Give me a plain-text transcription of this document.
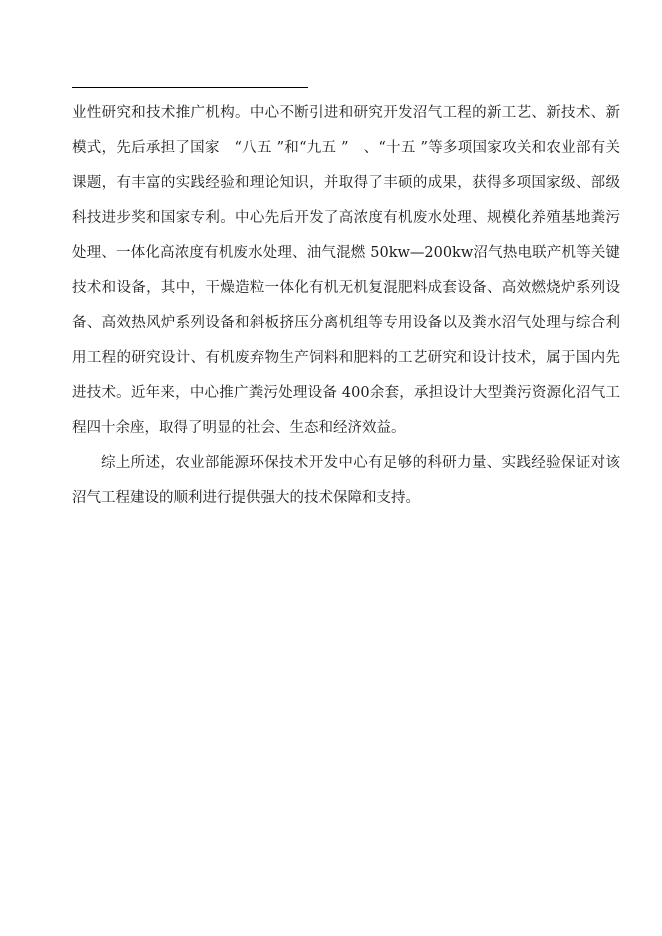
业性研究和技术推广机构。中心不断引进和研究开发沼气工程的新工艺、新技术、新模式，先后承担了国家　“八五 ”和“九五 ”　、“十五 ”等多项国家攻关和农业部有关课题，有丰富的实践经验和理论知识，并取得了丰硕的成果，获得多项国家级、部级科技进步奖和国家专利。中心先后开发了高浓度有机废水处理、规模化养殖基地粪污处理、一体化高浓度有机废水处理、油气混燃 50kw—200kw沼气热电联产机等关键技术和设备，其中，干燥造粒一体化有机无机复混肥料成套设备、高效燃烧炉系列设备、高效热风炉系列设备和斜板挤压分离机组等专用设备以及粪水沼气处理与综合利用工程的研究设计、有机废弃物生产饲料和肥料的工艺研究和设计技术，属于国内先进技术。近年来，中心推广粪污处理设备 400余套，承担设计大型粪污资源化沼气工程四十余座，取得了明显的社会、生态和经济效益。

综上所述，农业部能源环保技术开发中心有足够的科研力量、实践经验保证对该沼气工程建设的顺利进行提供强大的技术保障和支持。
